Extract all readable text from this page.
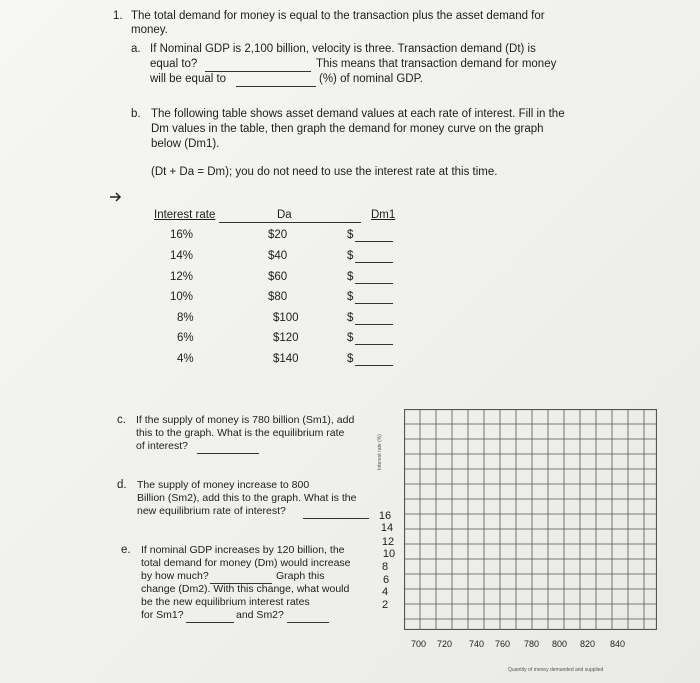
1. The total demand for money is equal to the transaction plus the asset demand for
money.
a. If Nominal GDP is 2,100 billion, velocity is three. Transaction demand (Dt) is
equal to?
	This means that transaction demand for money
will be equal to
	(%) of nominal GDP.
b. The following table shows asset demand values at each rate of interest. Fill in the
Dm values in the table, then graph the demand for money curve on the graph
below (Dm1).
(Dt + Da = Dm); you do not need to use the interest rate at this time.
Interest rate	Da	Dm1
16%	$20	$
14%	$40	$
12%	$60	$
10%	$80	$
8%	$100	$
6%	$120	$
4%	$140	$
c. If the supply of money is 780 billion (Sm1), add
this to the graph. What is the equilibrium rate
of interest?

d. The supply of money increase to 800
Billion (Sm2), add this to the graph. What is the
new equilibrium rate of interest?

e. If nominal GDP increases by 120 billion, the
total demand for money (Dm) would increase
by how much?
	Graph this
change (Dm2). With this change, what would
be the new equilibrium interest rates
for Sm1?
	and Sm2?

Interest rate (%)
16
14
12
10
8
6
4
2
700 720 740 760 780 800 820 840
Quantity of money demanded and supplied
